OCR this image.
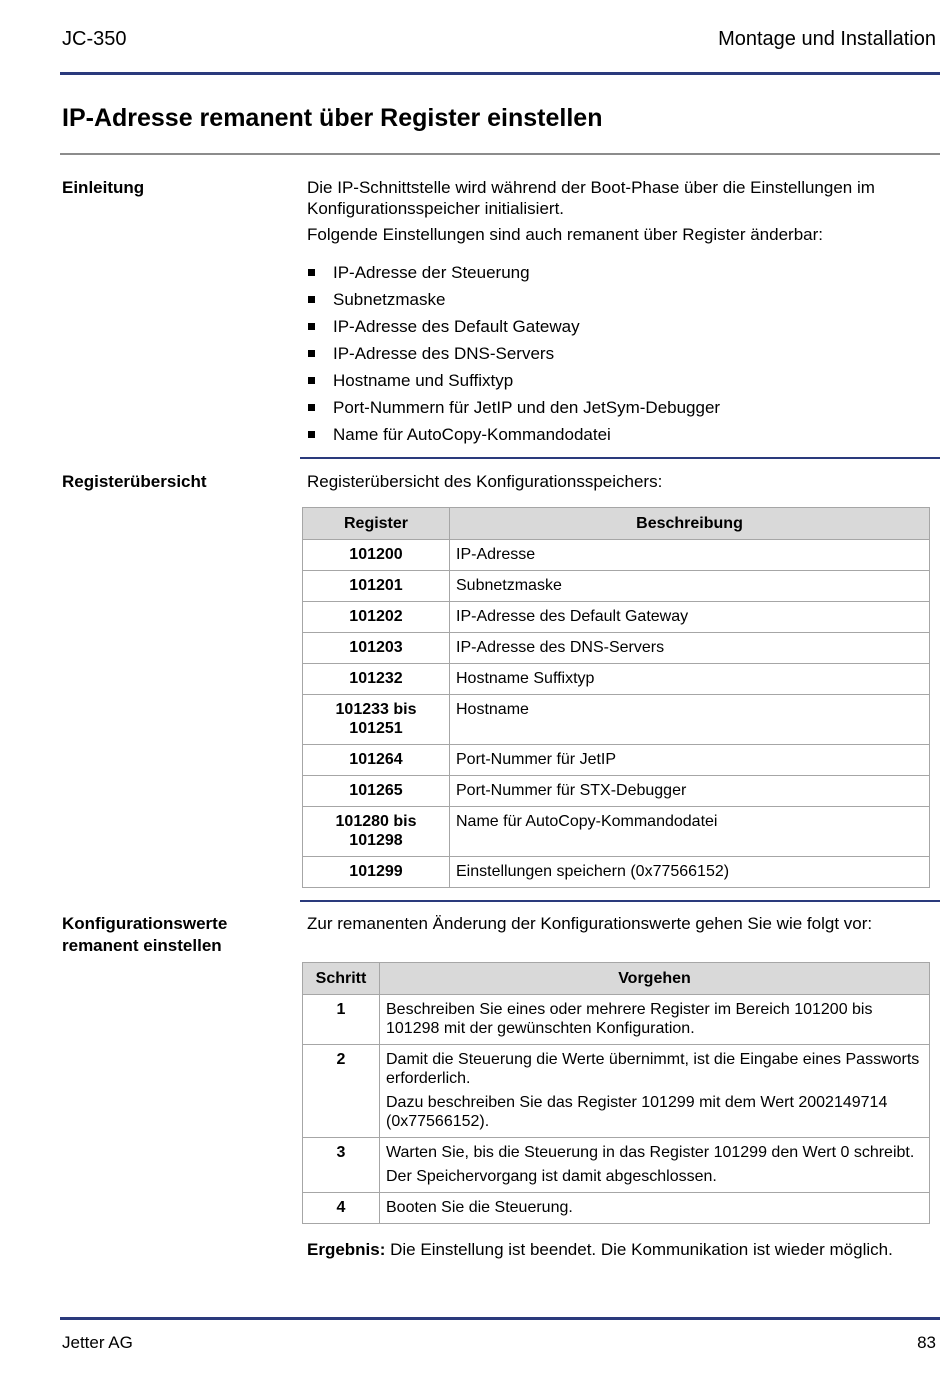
JC-350	Montage und Installation
IP-Adresse remanent über Register einstellen
Einleitung	Die IP-Schnittstelle wird während der Boot-Phase über die Einstellungen im Konfigurationsspeicher initialisiert.
Folgende Einstellungen sind auch remanent über Register änderbar:
IP-Adresse der Steuerung
Subnetzmaske
IP-Adresse des Default Gateway
IP-Adresse des DNS-Servers
Hostname und Suffixtyp
Port-Nummern für JetIP und den JetSym-Debugger
Name für AutoCopy-Kommandodatei
Registerübersicht	Registerübersicht des Konfigurationsspeichers:
Register	Beschreibung
101200	IP-Adresse
101201	Subnetzmaske
101202	IP-Adresse des Default Gateway
101203	IP-Adresse des DNS-Servers
101232	Hostname Suffixtyp
101233 bis 101251	Hostname
101264	Port-Nummer für JetIP
101265	Port-Nummer für STX-Debugger
101280 bis 101298	Name für AutoCopy-Kommandodatei
101299	Einstellungen speichern (0x77566152)
Konfigurationswerte remanent einstellen
Zur remanenten Änderung der Konfigurationswerte gehen Sie wie folgt vor:
Schritt	Vorgehen
1	Beschreiben Sie eines oder mehrere Register im Bereich 101200 bis 101298 mit der gewünschten Konfiguration.

2	Damit die Steuerung die Werte übernimmt, ist die Eingabe eines Passworts erforderlich.

Dazu beschreiben Sie das Register 101299 mit dem Wert 2002149714 (0x77566152).

3	Warten Sie, bis die Steuerung in das Register 101299 den Wert 0 schreibt.

Der Speichervorgang ist damit abgeschlossen.

4	Booten Sie die Steuerung.

Ergebnis: Die Einstellung ist beendet. Die Kommunikation ist wieder möglich.
Jetter AG	83
